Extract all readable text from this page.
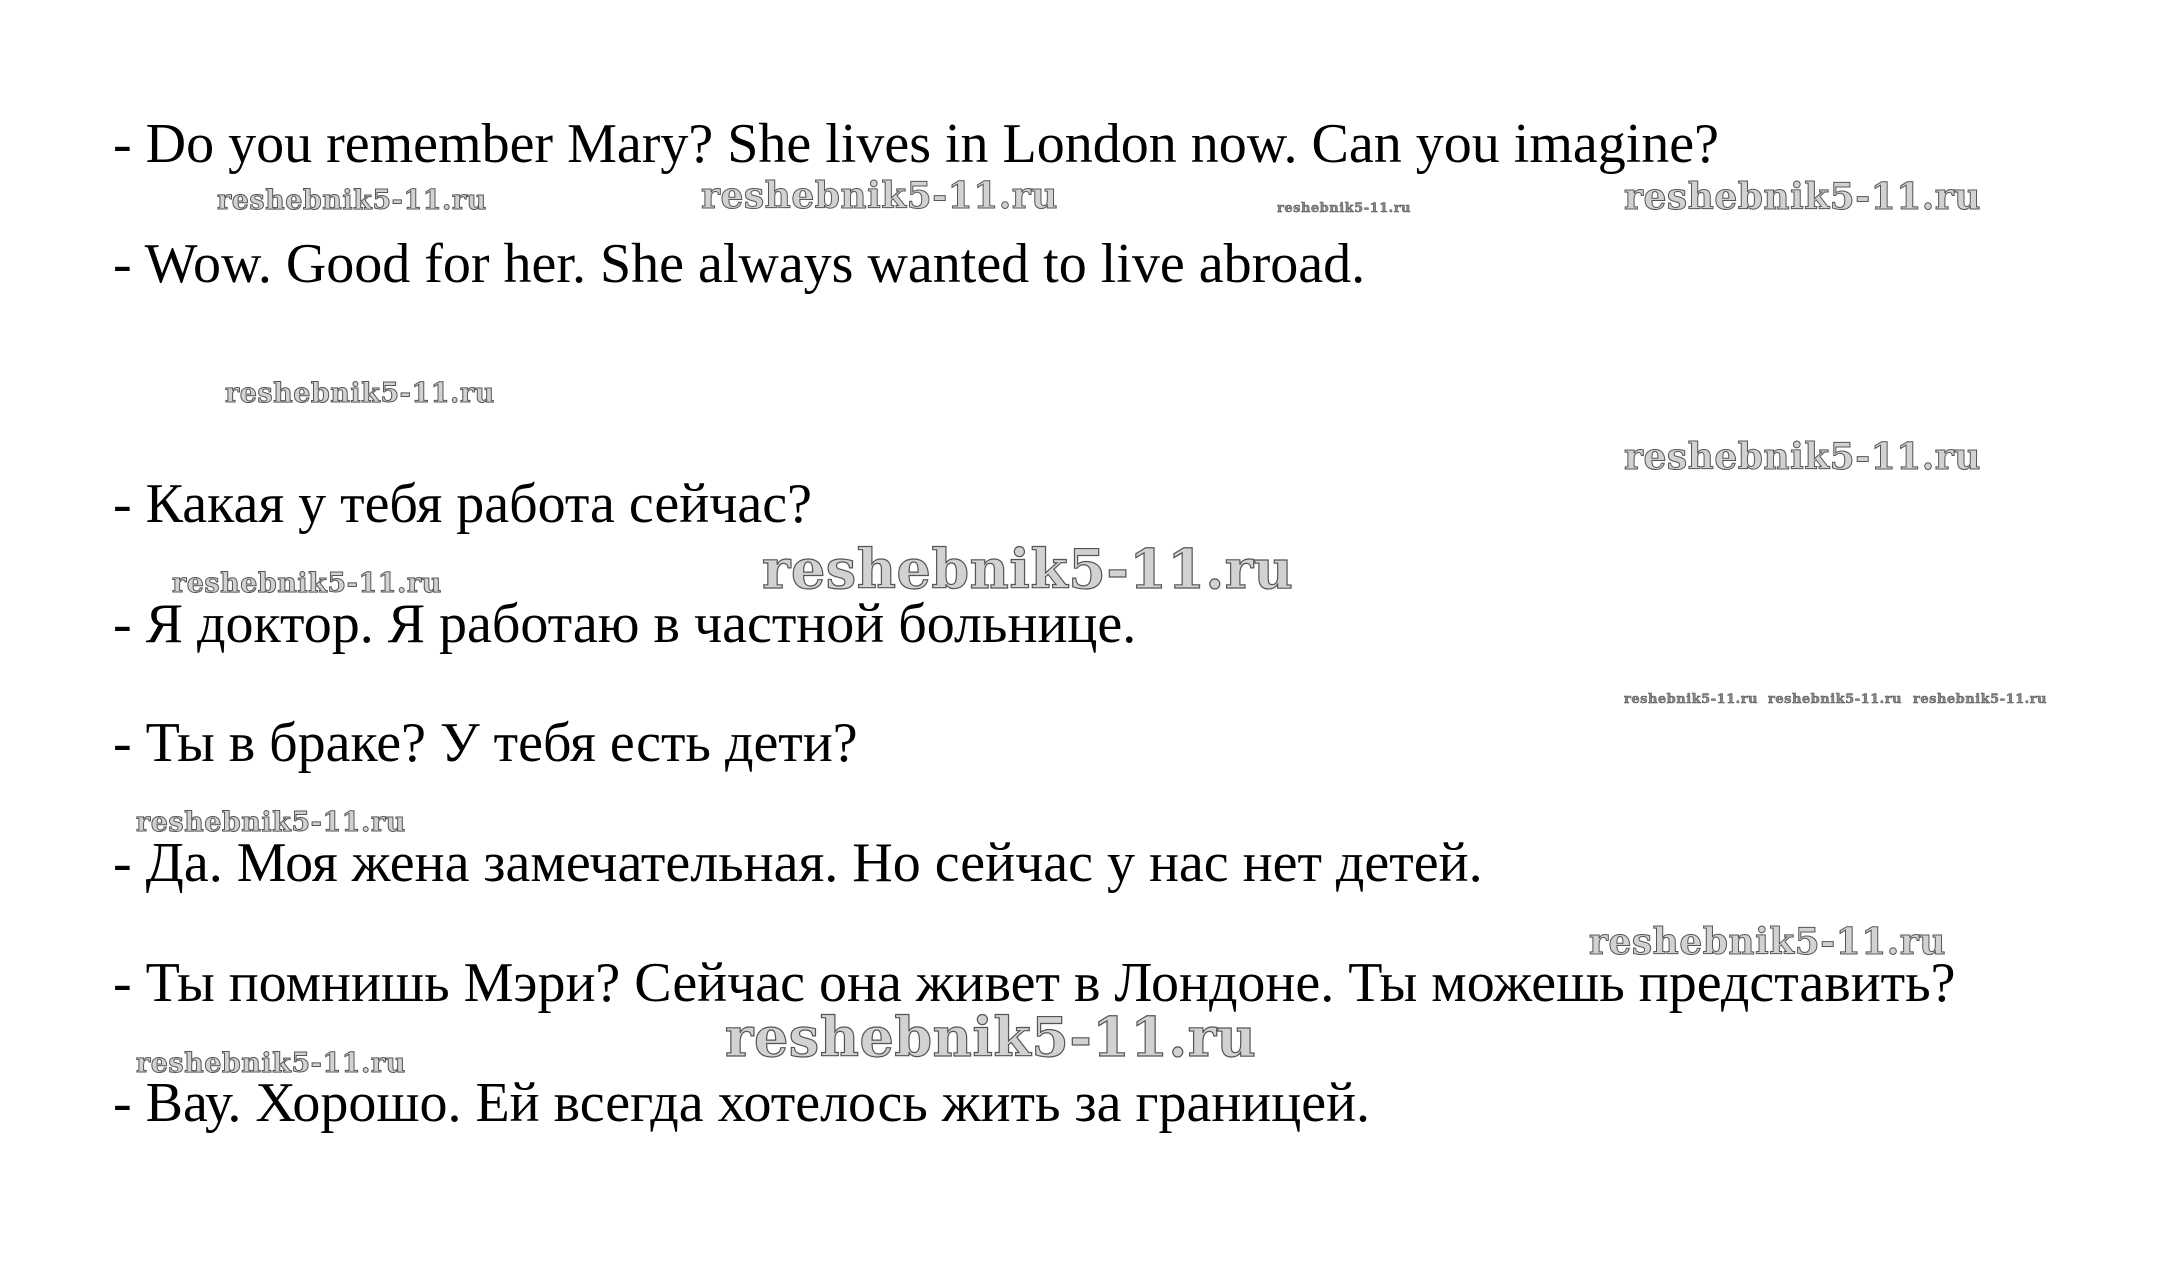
- Do you remember Mary? She lives in London now. Can you imagine?

- Wow. Good for her. She always wanted to live abroad.

- Какая у тебя работа сейчас?

- Я доктор. Я работаю в частной больнице.

- Ты в браке? У тебя есть дети?

- Да. Моя жена замечательная. Но сейчас у нас нет детей.

- Ты помнишь Мэри? Сейчас она живет в Лондоне. Ты можешь представить?

- Вау. Хорошо. Ей всегда хотелось жить за границей.

reshebnik5-11.ru	reshebnik5-11.ru	reshebnik5-11.ru	reshebnik5-11.ru
reshebnik5-11.ru
reshebnik5-11.ru
reshebnik5-11.ru	reshebnik5-11.ru
reshebnik5-11.ru reshebnik5-11.ru reshebnik5-11.ru
reshebnik5-11.ru
reshebnik5-11.ru
reshebnik5-11.ru
reshebnik5-11.ru
